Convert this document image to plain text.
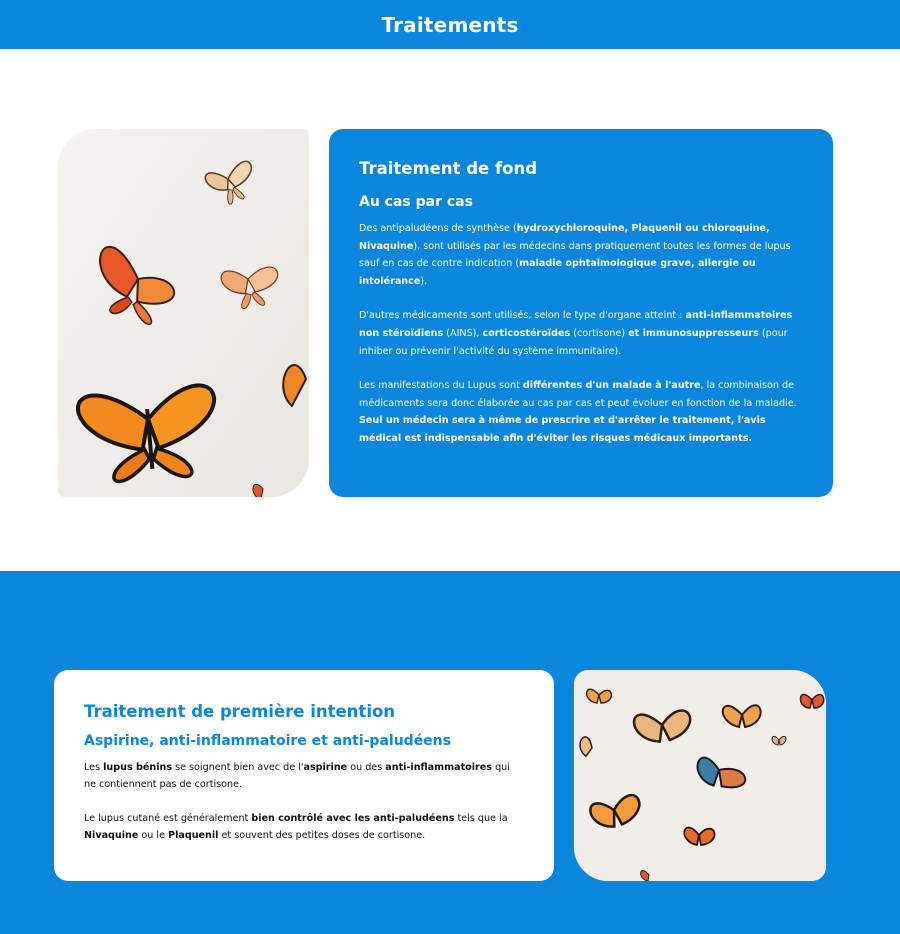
Traitements
Traitement de fond
Au cas par cas

Des antipaludéens de synthèse (hydroxychloroquine, Plaquenil ou chloroquine, Nivaquine), sont utilisés par les médecins dans pratiquement toutes les formes de lupus sauf en cas de contre indication (maladie ophtalmologique grave, allergie ou intolérance).

D'autres médicaments sont utilisés, selon le type d'organe atteint : anti-inflammatoires non stéroïdiens (AINS), corticostéroïdes (cortisone) et immunosuppresseurs (pour inhiber ou prévenir l'activité du système immunitaire).

Les manifestations du Lupus sont différentes d'un malade à l'autre, la combinaison de médicaments sera donc élaborée au cas par cas et peut évoluer en fonction de la maladie. Seul un médecin sera à même de prescrire et d'arrêter le traitement, l'avis médical est indispensable afin d'éviter les risques médicaux importants.

Traitement de première intention
Aspirine, anti-inflammatoire et anti-paludéens

Les lupus bénins se soignent bien avec de l'aspirine ou des anti-inflammatoires qui ne contiennent pas de cortisone.

Le lupus cutané est généralement bien contrôlé avec les anti-paludéens tels que la Nivaquine ou le Plaquenil et souvent des petites doses de cortisone.
